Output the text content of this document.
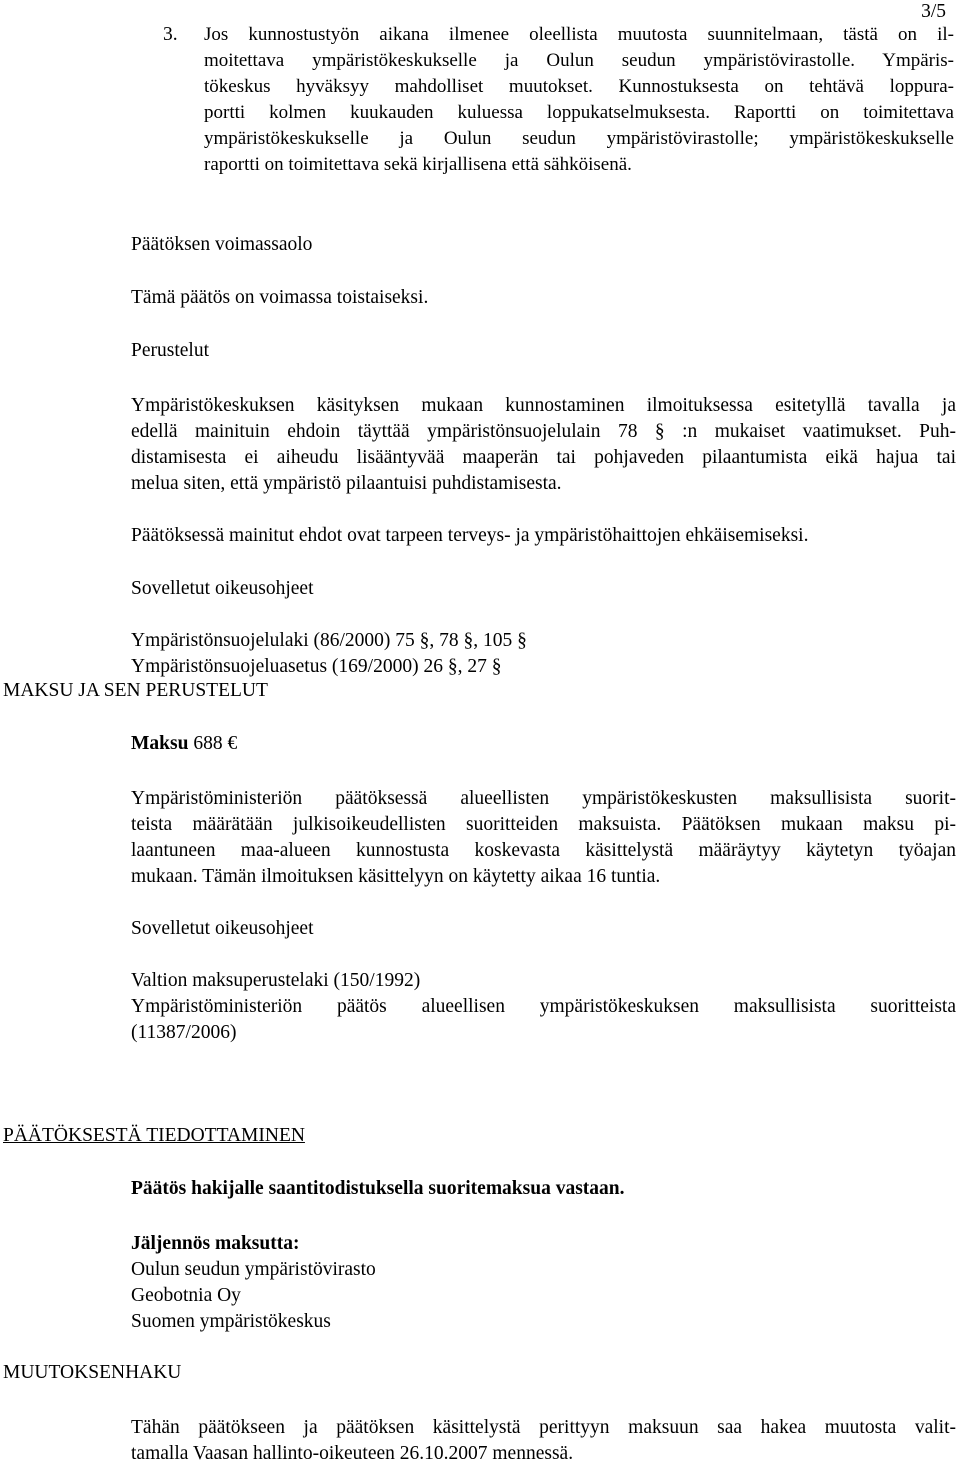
3/5
3. Jos kunnostustyön aikana ilmenee oleellista muutosta suunnitelmaan, tästä on il-
moitettava ympäristökeskukselle ja Oulun seudun ympäristövirastolle. Ympäris-
tökeskus hyväksyy mahdolliset muutokset. Kunnostuksesta on tehtävä loppura-
portti kolmen kuukauden kuluessa loppukatselmuksesta. Raportti on toimitettava
ympäristökeskukselle ja Oulun seudun ympäristövirastolle; ympäristökeskukselle
raportti on toimitettava sekä kirjallisena että sähköisenä.
Päätöksen voimassaolo
Tämä päätös on voimassa toistaiseksi.
Perustelut
Ympäristökeskuksen käsityksen mukaan kunnostaminen ilmoituksessa esitetyllä tavalla ja
edellä mainituin ehdoin täyttää ympäristönsuojelulain 78 § :n mukaiset vaatimukset. Puh-
distamisesta ei aiheudu lisääntyvää maaperän tai pohjaveden pilaantumista eikä hajua tai
melua siten, että ympäristö pilaantuisi puhdistamisesta.
Päätöksessä mainitut ehdot ovat tarpeen terveys- ja ympäristöhaittojen ehkäisemiseksi.
Sovelletut oikeusohjeet
Ympäristönsuojelulaki (86/2000) 75 §, 78 §, 105 §
Ympäristönsuojeluasetus (169/2000) 26 §, 27 §
MAKSU JA SEN PERUSTELUT
Maksu 688 €
Ympäristöministeriön päätöksessä alueellisten ympäristökeskusten maksullisista suorit-
teista määrätään julkisoikeudellisten suoritteiden maksuista. Päätöksen mukaan maksu pi-
laantuneen maa-alueen kunnostusta koskevasta käsittelystä määräytyy käytetyn työajan
mukaan. Tämän ilmoituksen käsittelyyn on käytetty aikaa 16 tuntia.
Sovelletut oikeusohjeet
Valtion maksuperustelaki (150/1992)
Ympäristöministeriön päätös alueellisen ympäristökeskuksen maksullisista suoritteista
(11387/2006)
PÄÄTÖKSESTÄ TIEDOTTAMINEN
Päätös hakijalle saantitodistuksella suoritemaksua vastaan.
Jäljennös maksutta:
Oulun seudun ympäristövirasto
Geobotnia Oy
Suomen ympäristökeskus
MUUTOKSENHAKU
Tähän päätökseen ja päätöksen käsittelystä perittyyn maksuun saa hakea muutosta valit-
tamalla Vaasan hallinto-oikeuteen 26.10.2007 mennessä.
